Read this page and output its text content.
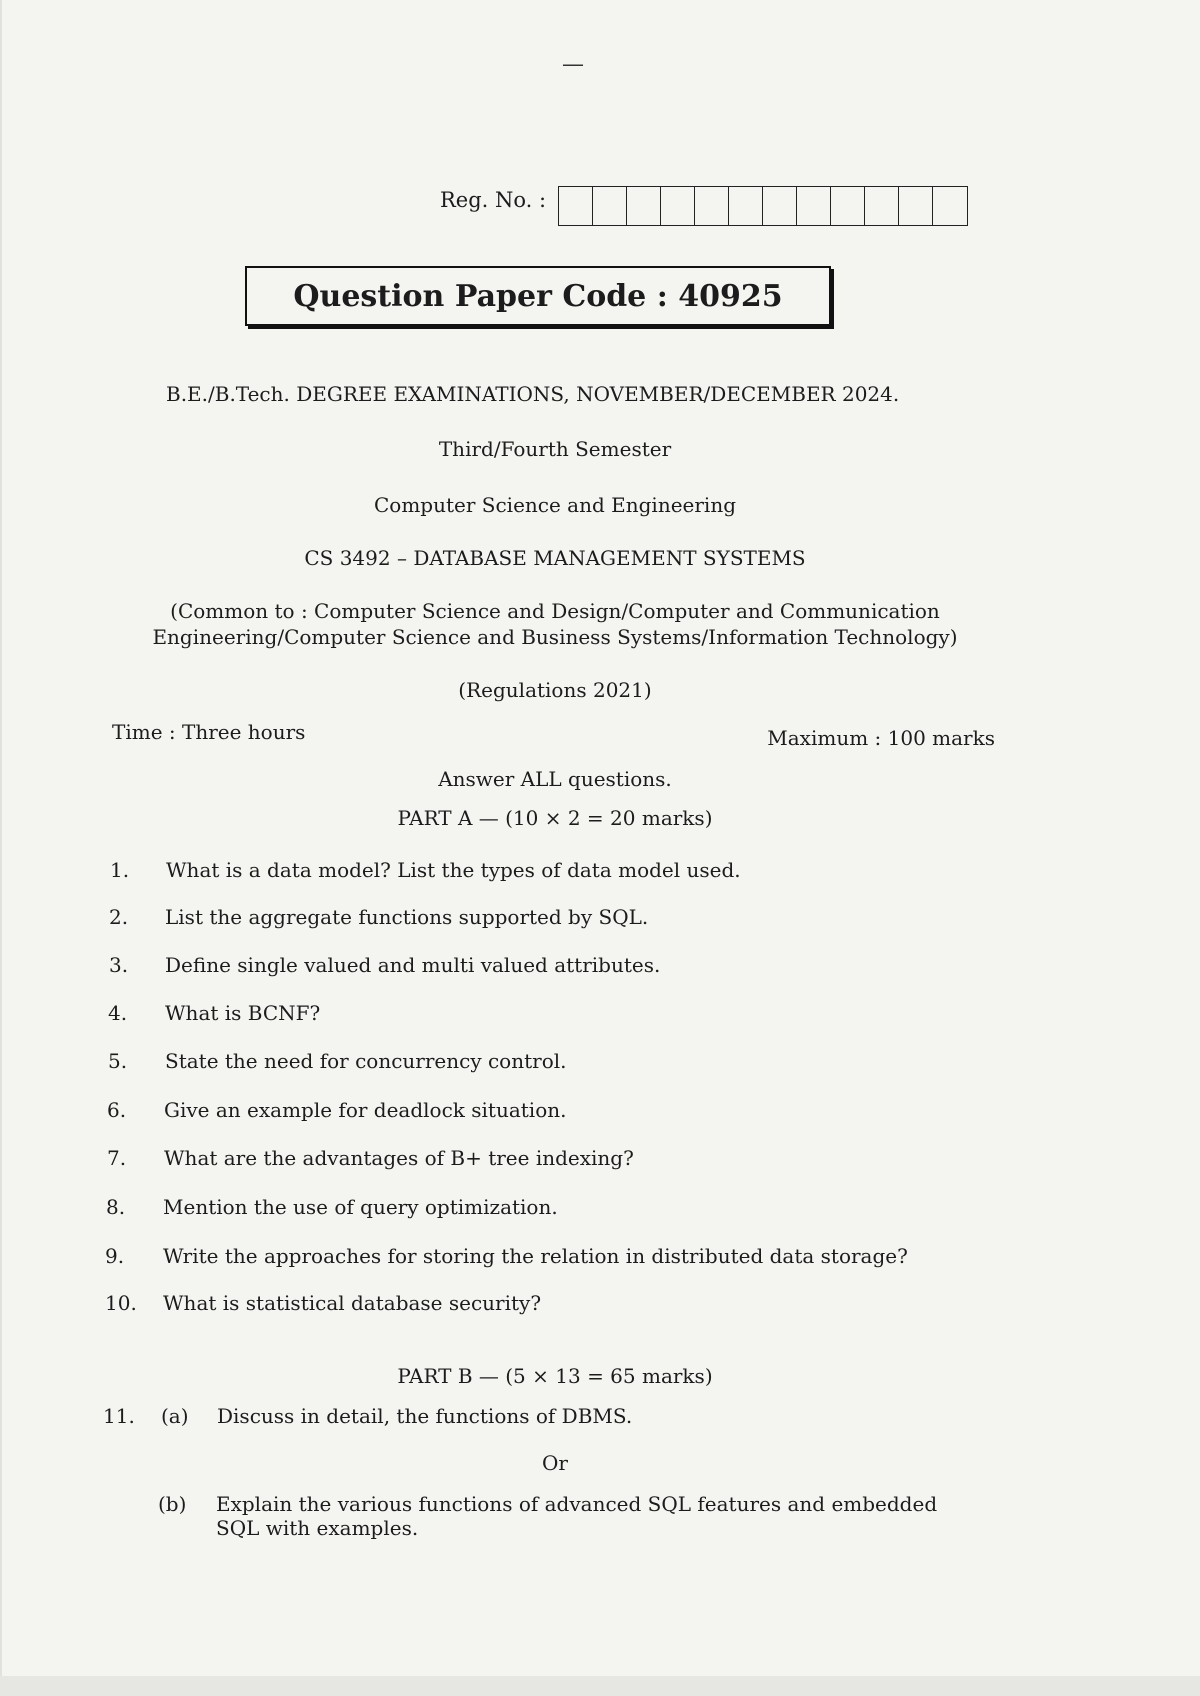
—
Reg. No. :
Question Paper Code : 40925
B.E./B.Tech. DEGREE EXAMINATIONS, NOVEMBER/DECEMBER 2024.
Third/Fourth Semester
Computer Science and Engineering
CS 3492 – DATABASE MANAGEMENT SYSTEMS
(Common to : Computer Science and Design/Computer and Communication
Engineering/Computer Science and Business Systems/Information Technology)
(Regulations 2021)
Time : Three hours	Maximum : 100 marks
Answer ALL questions.
PART A — (10 × 2 = 20 marks)
1. What is a data model? List the types of data model used.
2. List the aggregate functions supported by SQL.
3. Define single valued and multi valued attributes.
4. What is BCNF?
5. State the need for concurrency control.
6. Give an example for deadlock situation.
7. What are the advantages of B+ tree indexing?
8. Mention the use of query optimization.
9. Write the approaches for storing the relation in distributed data storage?
10. What is statistical database security?
PART B — (5 × 13 = 65 marks)
11. (a) Discuss in detail, the functions of DBMS.
Or
(b) Explain the various functions of advanced SQL features and embedded
SQL with examples.
